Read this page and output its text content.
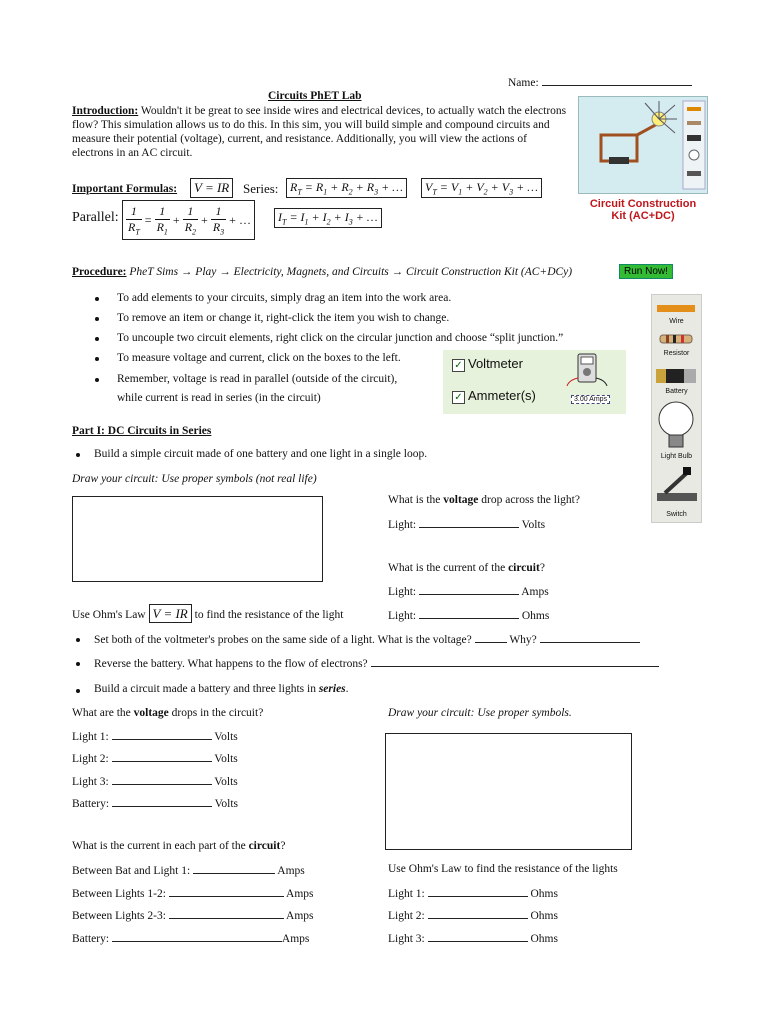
Name:
Circuits PhET Lab
Introduction: Wouldn't it be great to see inside wires and electrical devices, to actually watch the electrons flow? This simulation allows us to do this. In this sim, you will build simple and compound circuits and measure their potential (voltage), current, and resistance. Additionally, you will view the actions of electrons in an AC circuit.
Circuit Construction
Kit (AC+DC)
Important Formulas:	V = IR	Series: $R_T = R_1 + R_2 + R_3$ + …	$V_T = V_1 + V_2 + V_3$ + …
Parallel: $\frac{1}{R_T} = \frac{1}{R_1} + \frac{1}{R_2} + \frac{1}{R_3}$ + …	$I_T = I_1 + I_2 + I_3$ + …
Procedure: PheT Sims → Play → Electricity, Magnets, and Circuits → Circuit Construction Kit (AC+DCy)	Run Now!
To add elements to your circuits, simply drag an item into the work area.
To remove an item or change it, right-click the item you wish to change.
To uncouple two circuit elements, right click on the circular junction and choose “split junction.”
To measure voltage and current, click on the boxes to the left.
Remember, voltage is read in parallel (outside of the circuit),
while current is read in series (in the circuit)
✓ Voltmeter
✓ Ammeter(s)	3.00 Amps
Wire
Resistor
Battery
Light Bulb
Switch
Part I: DC Circuits in Series
Build a simple circuit made of one battery and one light in a single loop.
Draw your circuit: Use proper symbols (not real life)
What is the voltage drop across the light?
Light:	Volts
What is the current of the circuit?
Light:	Amps
Use Ohm's Law V = IR to find the resistance of the light	Light:	Ohms
Set both of the voltmeter's probes on the same side of a light. What is the voltage?	Why?
Reverse the battery. What happens to the flow of electrons?
Build a circuit made a battery and three lights in series.
What are the voltage drops in the circuit?	Draw your circuit: Use proper symbols.
Light 1:	Volts
Light 2:	Volts
Light 3:	Volts
Battery:	Volts
What is the current in each part of the circuit?
Between Bat and Light 1:	Amps
Between Lights 1-2:	Amps
Between Lights 2-3:	Amps
Battery:	Amps
Use Ohm's Law to find the resistance of the lights
Light 1:	Ohms
Light 2:	Ohms
Light 3:	Ohms
